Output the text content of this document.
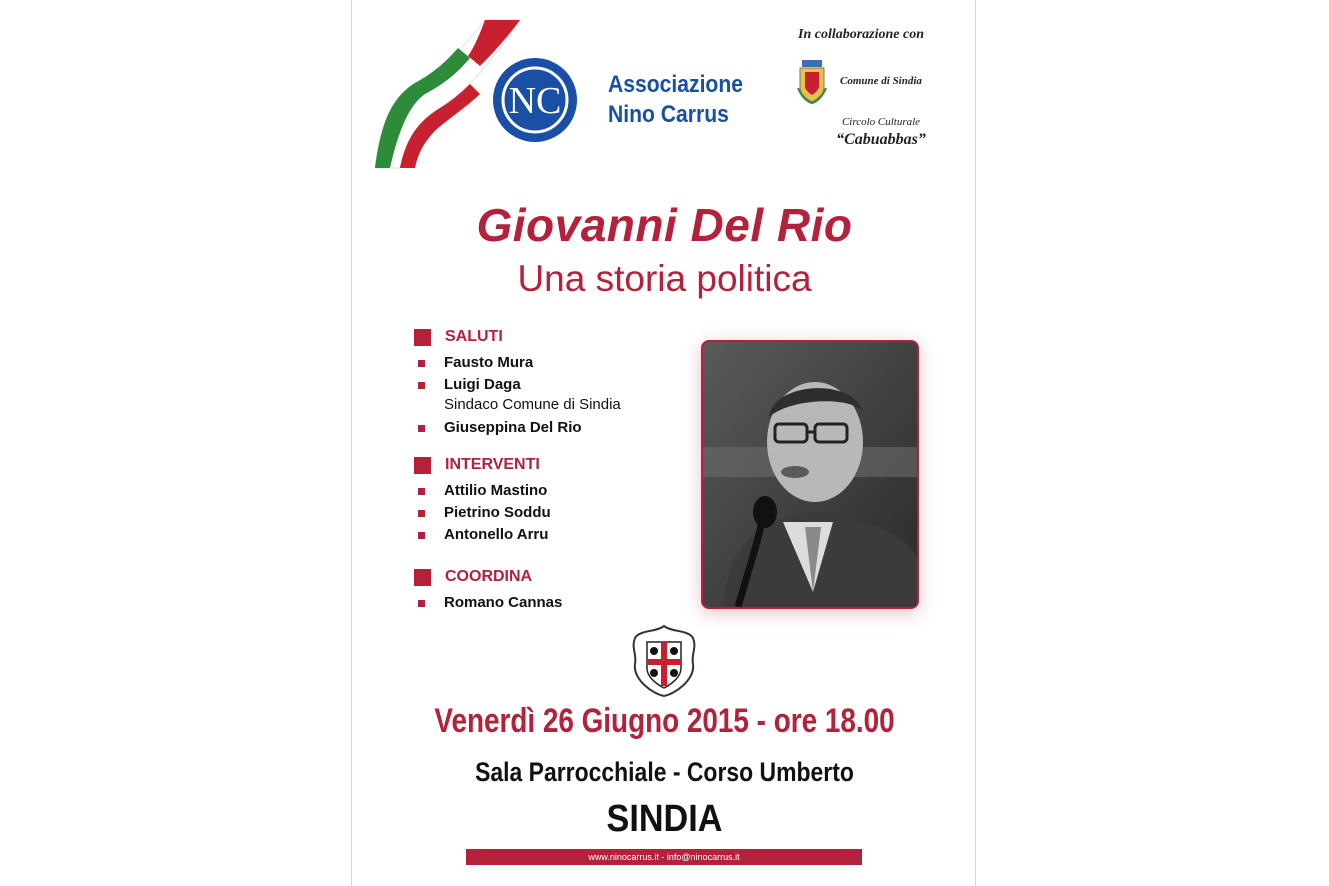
NC Associazione
Nino Carrus
In collaborazione con
Comune di Sindia
Circolo Culturale
“Cabuabbas”
Giovanni Del Rio
Una storia politica
SALUTI
Fausto Mura
Luigi Daga
Sindaco Comune di Sindia
Giuseppina Del Rio
INTERVENTI
Attilio Mastino
Pietrino Soddu
Antonello Arru
COORDINA
Romano Cannas
Venerdì 26 Giugno 2015 - ore 18.00
Sala Parrocchiale - Corso Umberto
SINDIA
www.ninocarrus.it - info@ninocarrus.it
